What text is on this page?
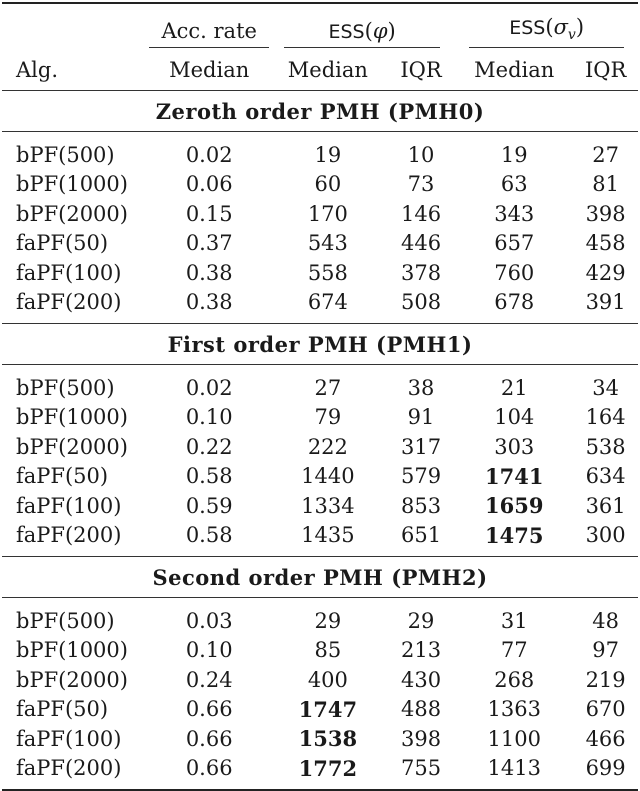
	Acc. rate	ESS(φ)		$ESS(\sigma_v)$	
Alg.	Median	Median	IQR	Median	IQR
Zeroth order PMH (PMH0)					
bPF(500)	0.02	19	10	19	27
bPF(1000)	0.06	60	73	63	81
bPF(2000)	0.15	170	146	343	398
faPF(50)	0.37	543	446	657	458
faPF(100)	0.38	558	378	760	429
faPF(200)	0.38	674	508	678	391
First order PMH (PMH1)					
bPF(500)	0.02	27	38	21	34
bPF(1000)	0.10	79	91	104	164
bPF(2000)	0.22	222	317	303	538
faPF(50)	0.58	1440	579	1741	634
faPF(100)	0.59	1334	853	1659	361
faPF(200)	0.58	1435	651	1475	300
Second order PMH (PMH2)					
bPF(500)	0.03	29	29	31	48
bPF(1000)	0.10	85	213	77	97
bPF(2000)	0.24	400	430	268	219
faPF(50)	0.66	1747	488	1363	670
faPF(100)	0.66	1538	398	1100	466
faPF(200)	0.66	1772	755	1413	699
